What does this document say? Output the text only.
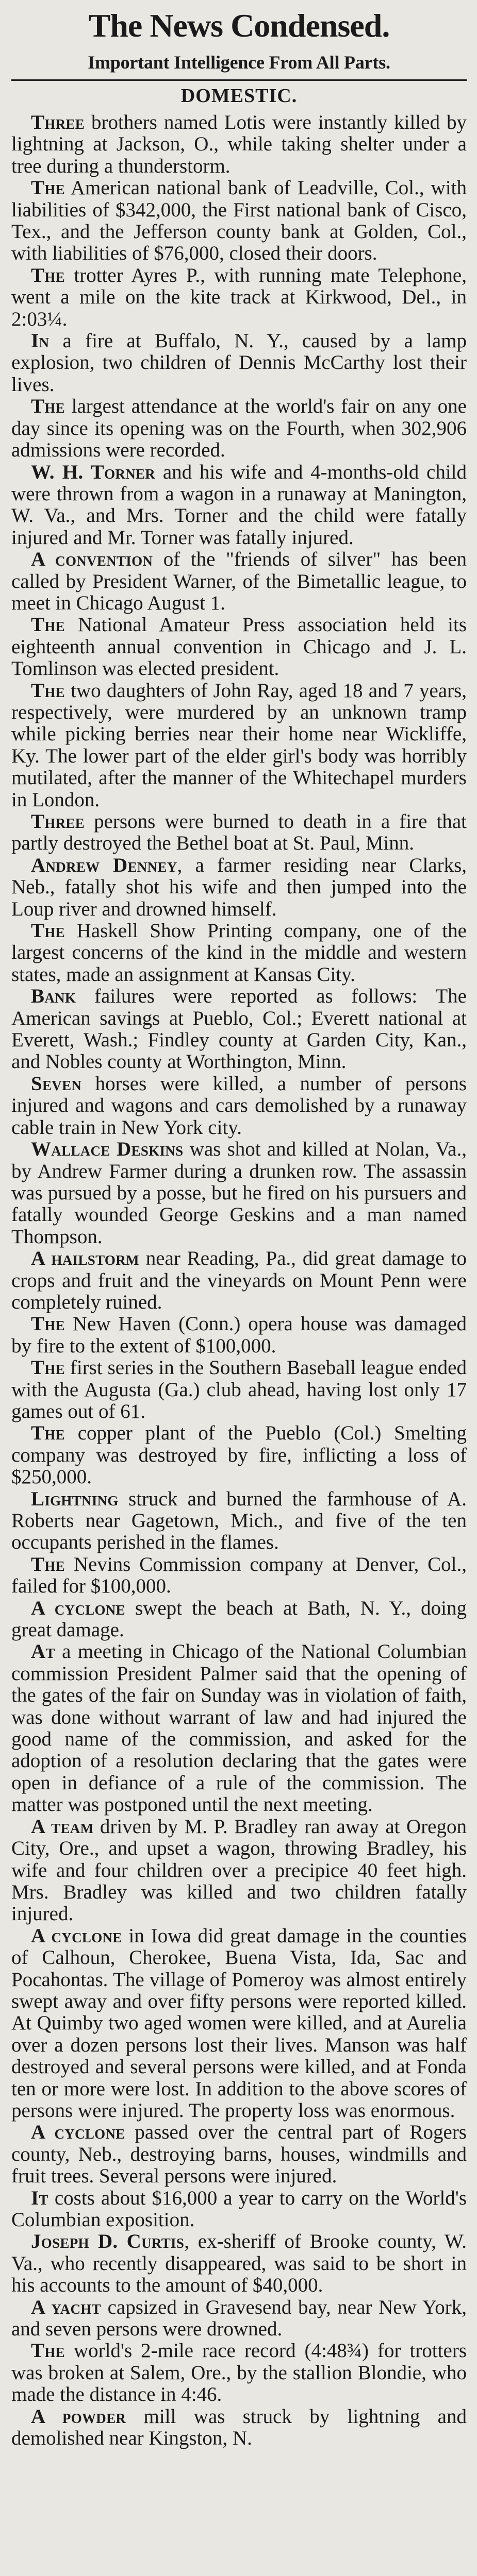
The News Condensed.
Important Intelligence From All Parts.
DOMESTIC.

Three brothers named Lotis were instantly killed by lightning at Jackson, O., while taking shelter under a tree during a thunderstorm.

The American national bank of Leadville, Col., with liabilities of $342,000, the First national bank of Cisco, Tex., and the Jefferson county bank at Golden, Col., with liabilities of $76,000, closed their doors.

The trotter Ayres P., with running mate Telephone, went a mile on the kite track at Kirkwood, Del., in 2:03¼.

In a fire at Buffalo, N. Y., caused by a lamp explosion, two children of Dennis McCarthy lost their lives.

The largest attendance at the world's fair on any one day since its opening was on the Fourth, when 302,906 admissions were recorded.

W. H. Torner and his wife and 4-months-old child were thrown from a wagon in a runaway at Manington, W. Va., and Mrs. Torner and the child were fatally injured and Mr. Torner was fatally injured.

A convention of the "friends of silver" has been called by President Warner, of the Bimetallic league, to meet in Chicago August 1.

The National Amateur Press association held its eighteenth annual convention in Chicago and J. L. Tomlinson was elected president.

The two daughters of John Ray, aged 18 and 7 years, respectively, were murdered by an unknown tramp while picking berries near their home near Wickliffe, Ky. The lower part of the elder girl's body was horribly mutilated, after the manner of the Whitechapel murders in London.

Three persons were burned to death in a fire that partly destroyed the Bethel boat at St. Paul, Minn.

Andrew Denney, a farmer residing near Clarks, Neb., fatally shot his wife and then jumped into the Loup river and drowned himself.

The Haskell Show Printing company, one of the largest concerns of the kind in the middle and western states, made an assignment at Kansas City.

Bank failures were reported as follows: The American savings at Pueblo, Col.; Everett national at Everett, Wash.; Findley county at Garden City, Kan., and Nobles county at Worthington, Minn.

Seven horses were killed, a number of persons injured and wagons and cars demolished by a runaway cable train in New York city.

Wallace Deskins was shot and killed at Nolan, Va., by Andrew Farmer during a drunken row. The assassin was pursued by a posse, but he fired on his pursuers and fatally wounded George Geskins and a man named Thompson.

A hailstorm near Reading, Pa., did great damage to crops and fruit and the vineyards on Mount Penn were completely ruined.

The New Haven (Conn.) opera house was damaged by fire to the extent of $100,000.

The first series in the Southern Baseball league ended with the Augusta (Ga.) club ahead, having lost only 17 games out of 61.

The copper plant of the Pueblo (Col.) Smelting company was destroyed by fire, inflicting a loss of $250,000.

Lightning struck and burned the farmhouse of A. Roberts near Gagetown, Mich., and five of the ten occupants perished in the flames.

The Nevins Commission company at Denver, Col., failed for $100,000.

A cyclone swept the beach at Bath, N. Y., doing great damage.

At a meeting in Chicago of the National Columbian commission President Palmer said that the opening of the gates of the fair on Sunday was in violation of faith, was done without warrant of law and had injured the good name of the commission, and asked for the adoption of a resolution declaring that the gates were open in defiance of a rule of the commission. The matter was postponed until the next meeting.

A team driven by M. P. Bradley ran away at Oregon City, Ore., and upset a wagon, throwing Bradley, his wife and four children over a precipice 40 feet high. Mrs. Bradley was killed and two children fatally injured.

A cyclone in Iowa did great damage in the counties of Calhoun, Cherokee, Buena Vista, Ida, Sac and Pocahontas. The village of Pomeroy was almost entirely swept away and over fifty persons were reported killed. At Quimby two aged women were killed, and at Aurelia over a dozen persons lost their lives. Manson was half destroyed and several persons were killed, and at Fonda ten or more were lost. In addition to the above scores of persons were injured. The property loss was enormous.

A cyclone passed over the central part of Rogers county, Neb., destroying barns, houses, windmills and fruit trees. Several persons were injured.

It costs about $16,000 a year to carry on the World's Columbian exposition.

Joseph D. Curtis, ex-sheriff of Brooke county, W. Va., who recently disappeared, was said to be short in his accounts to the amount of $40,000.

A yacht capsized in Gravesend bay, near New York, and seven persons were drowned.

The world's 2-mile race record (4:48¾) for trotters was broken at Salem, Ore., by the stallion Blondie, who made the distance in 4:46.

A powder mill was struck by lightning and demolished near Kingston, N.
